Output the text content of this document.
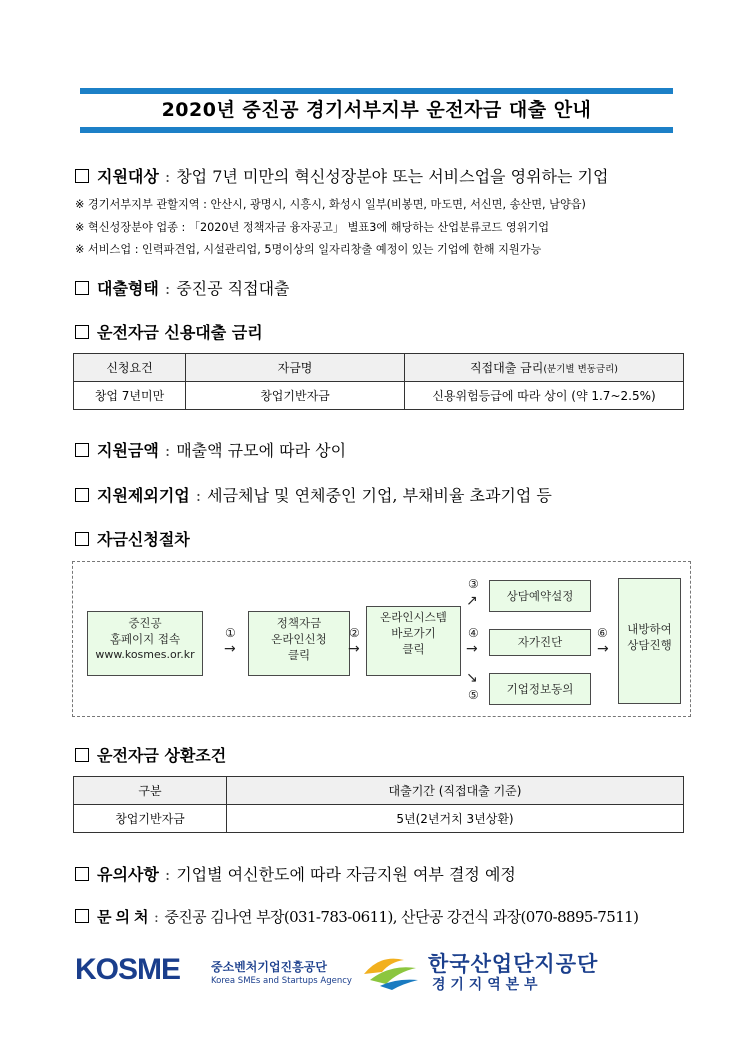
2020년 중진공 경기서부지부 운전자금 대출 안내
지원대상 : 창업 7년 미만의 혁신성장분야 또는 서비스업을 영위하는 기업
※ 경기서부지부 관할지역 : 안산시, 광명시, 시흥시, 화성시 일부(비봉면, 마도면, 서신면, 송산면, 남양읍)
※ 혁신성장분야 업종 : 「2020년 정책자금 융자공고」 별표3에 해당하는 산업분류코드 영위기업
※ 서비스업 : 인력파견업, 시설관리업, 5명이상의 일자리창출 예정이 있는 기업에 한해 지원가능
대출형태 : 중진공 직접대출
운전자금 신용대출 금리
신청요건	자금명	직접대출 금리(분기별 변동금리)
창업 7년미만	창업기반자금	신용위험등급에 따라 상이 (약 1.7~2.5%)
지원금액 : 매출액 규모에 따라 상이
지원제외기업 : 세금체납 및 연체중인 기업, 부채비율 초과기업 등
자금신청절차
중진공
홈페이지 접속
www.kosmes.or.kr
①
→
정책자금
온라인신청
클릭
②
→
온라인시스템
바로가기
클릭
③
↗
④
→
↘
⑤
상담예약설정
자가진단
기업정보동의
⑥
→
내방하여
상담진행
운전자금 상환조건
구분	대출기간 (직접대출 기준)
창업기반자금	5년(2년거치 3년상환)
유의사항 : 기업별 여신한도에 따라 자금지원 여부 결정 예정
문 의 처 : 중진공 김나연 부장(031-783-0611), 산단공 강건식 과장(070-8895-7511)
KOSME	중소벤처기업진흥공단
Korea SMEs and Startups Agency
한국산업단지공단
경 기 지 역 본 부
